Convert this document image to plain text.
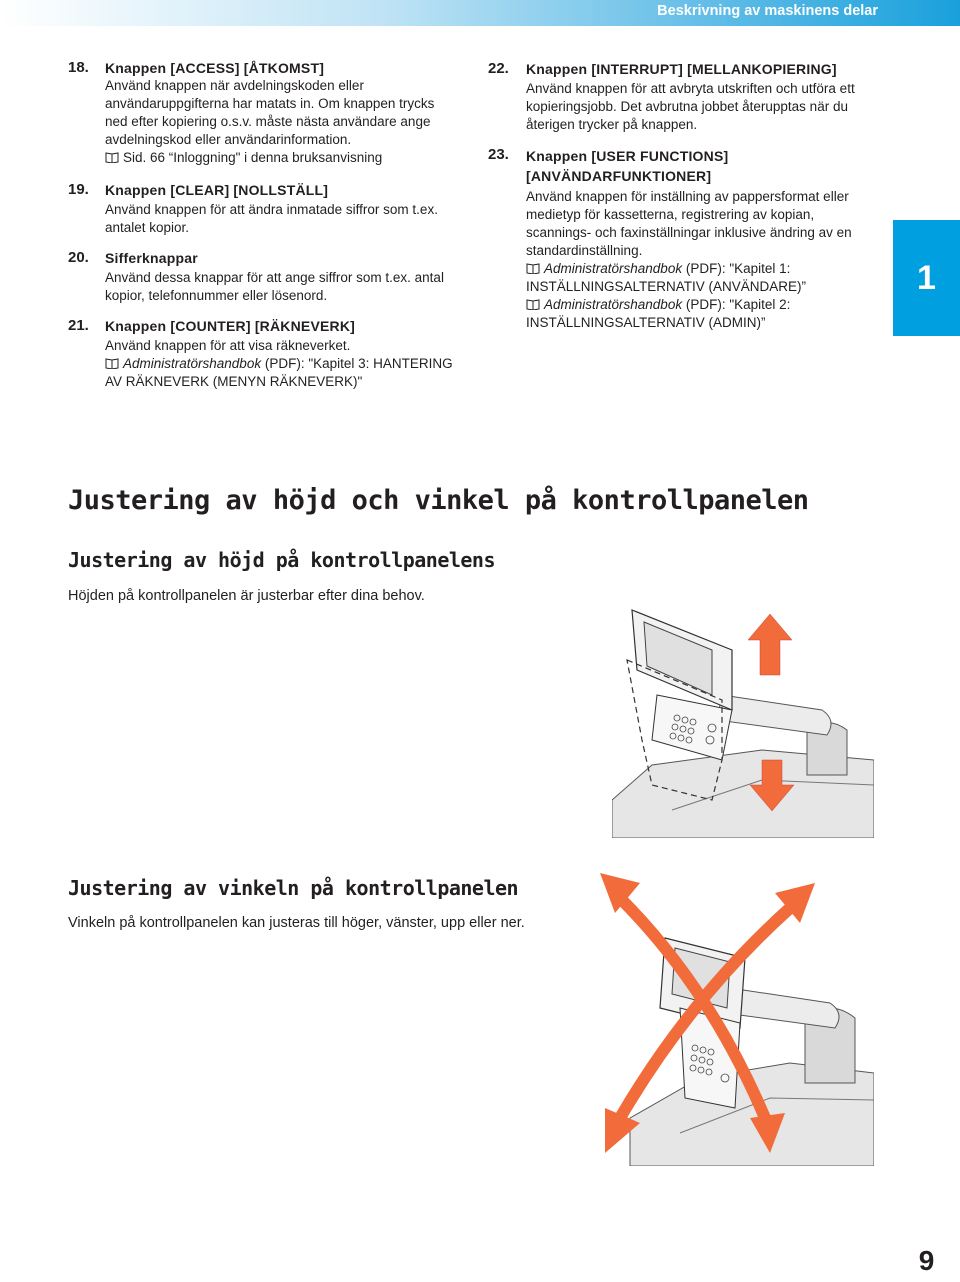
Beskrivning av maskinens delar
1
18. Knappen [ACCESS] [ÅTKOMST]

Använd knappen när avdelningskoden eller användaruppgifterna har matats in. Om knappen trycks ned efter kopiering o.s.v. måste nästa användare ange avdelningskod eller användarinformation.

Sid. 66 “Inloggning" i denna bruksanvisning

19. Knappen [CLEAR] [NOLLSTÄLL]

Använd knappen för att ändra inmatade siffror som t.ex. antalet kopior.

20. Sifferknappar

Använd dessa knappar för att ange siffror som t.ex. antal kopior, telefonnummer eller lösenord.

21. Knappen [COUNTER] [RÄKNEVERK]

Använd knappen för att visa räkneverket.

Administratörshandbok (PDF): "Kapitel 3: HANTERING AV RÄKNEVERK (MENYN RÄKNEVERK)"

22. Knappen [INTERRUPT] [MELLANKOPIERING]

Använd knappen för att avbryta utskriften och utföra ett kopieringsjobb. Det avbrutna jobbet återupptas när du återigen trycker på knappen.

23. Knappen [USER FUNCTIONS] [ANVÄNDARFUNKTIONER]

Använd knappen för inställning av pappersformat eller medietyp för kassetterna, registrering av kopian, scannings- och faxinställningar inklusive ändring av en standardinställning.

Administratörshandbok (PDF): "Kapitel 1: INSTÄLLNINGSALTERNATIV (ANVÄNDARE)”

Administratörshandbok (PDF): "Kapitel 2: INSTÄLLNINGSALTERNATIV (ADMIN)”

Justering av höjd och vinkel på kontrollpanelen
Justering av höjd på kontrollpanelens
Höjden på kontrollpanelen är justerbar efter dina behov.
Justering av vinkeln på kontrollpanelen
Vinkeln på kontrollpanelen kan justeras till höger, vänster, upp eller ner.
9
